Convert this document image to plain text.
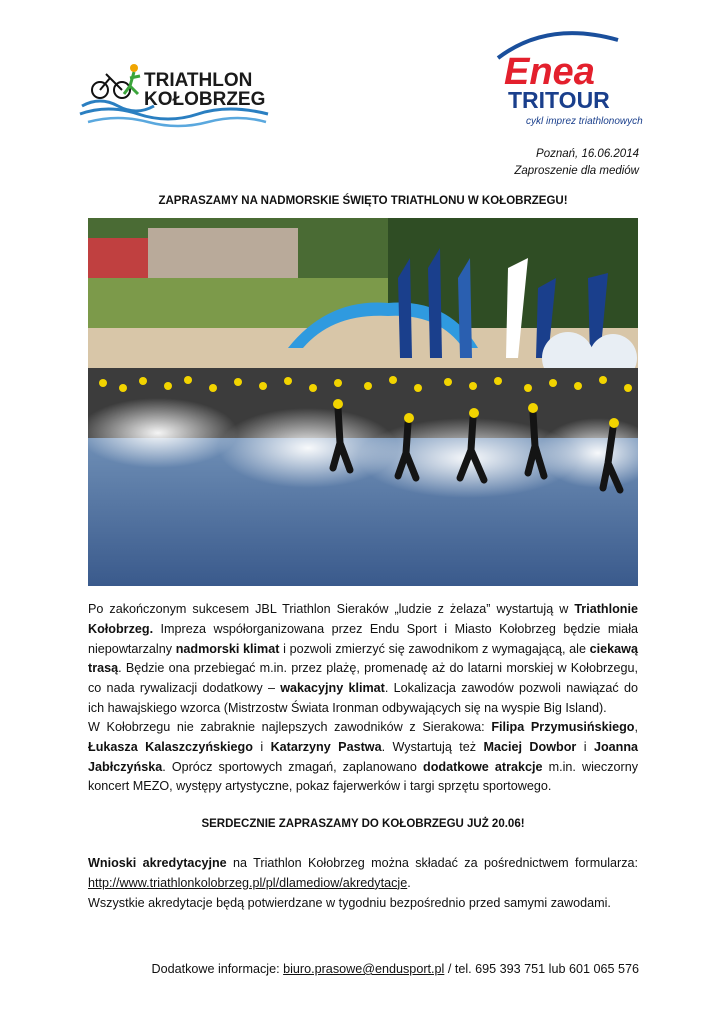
TRIATHLON
KOŁOBRZEG
Enea
TRITOUR
cykl imprez triathlonowych
Poznań, 16.06.2014
Zaproszenie dla mediów
ZAPRASZAMY NA NADMORSKIE ŚWIĘTO TRIATHLONU W KOŁOBRZEGU!
Po zakończonym sukcesem JBL Triathlon Sieraków „ludzie z żelaza” wystartują w Triathlonie Kołobrzeg. Impreza współorganizowana przez Endu Sport i Miasto Kołobrzeg będzie miała niepowtarzalny nadmorski klimat i pozwoli zmierzyć się zawodnikom z wymagającą, ale ciekawą trasą. Będzie ona przebiegać m.in. przez plażę, promenadę aż do latarni morskiej w Kołobrzegu, co nada rywalizacji dodatkowy – wakacyjny klimat. Lokalizacja zawodów pozwoli nawiązać do ich hawajskiego wzorca (Mistrzostw Świata Ironman odbywających się na wyspie Big Island).
W Kołobrzegu nie zabraknie najlepszych zawodników z Sierakowa: Filipa Przymusińskiego, Łukasza Kalaszczyńskiego i Katarzyny Pastwa. Wystartują też Maciej Dowbor i Joanna Jabłczyńska. Oprócz sportowych zmagań, zaplanowano dodatkowe atrakcje m.in. wieczorny koncert MEZO, występy artystyczne, pokaz fajerwerków i targi sprzętu sportowego.
SERDECZNIE ZAPRASZAMY DO KOŁOBRZEGU JUŻ 20.06!
Wnioski akredytacyjne na Triathlon Kołobrzeg można składać za pośrednictwem formularza: http://www.triathlonkolobrzeg.pl/pl/dlamediow/akredytacje.
Wszystkie akredytacje będą potwierdzane w tygodniu bezpośrednio przed samymi zawodami.
Dodatkowe informacje: biuro.prasowe@endusport.pl / tel. 695 393 751 lub 601 065 576
